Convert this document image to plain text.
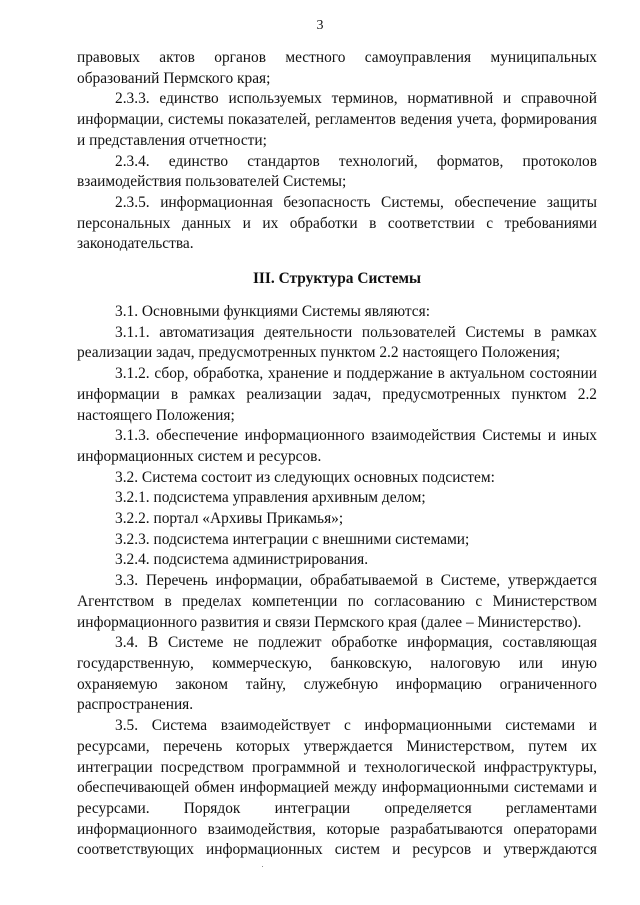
3

правовых актов органов местного самоуправления муниципальных образований Пермского края;

2.3.3. единство используемых терминов, нормативной и справочной информации, системы показателей, регламентов ведения учета, формирования и представления отчетности;

2.3.4. единство стандартов технологий, форматов, протоколов взаимодействия пользователей Системы;

2.3.5. информационная безопасность Системы, обеспечение защиты персональных данных и их обработки в соответствии с требованиями законодательства.

III. Структура Системы

3.1. Основными функциями Системы являются:

3.1.1. автоматизация деятельности пользователей Системы в рамках реализации задач, предусмотренных пунктом 2.2 настоящего Положения;

3.1.2. сбор, обработка, хранение и поддержание в актуальном состоянии информации в рамках реализации задач, предусмотренных пунктом 2.2 настоящего Положения;

3.1.3. обеспечение информационного взаимодействия Системы и иных информационных систем и ресурсов.

3.2. Система состоит из следующих основных подсистем:

3.2.1. подсистема управления архивным делом;

3.2.2. портал «Архивы Прикамья»;

3.2.3. подсистема интеграции с внешними системами;

3.2.4. подсистема администрирования.

3.3. Перечень информации, обрабатываемой в Системе, утверждается Агентством в пределах компетенции по согласованию с Министерством информационного развития и связи Пермского края (далее – Министерство).

3.4. В Системе не подлежит обработке информация, составляющая государственную, коммерческую, банковскую, налоговую или иную охраняемую законом тайну, служебную информацию ограниченного распространения.

3.5. Система взаимодействует с информационными системами и ресурсами, перечень которых утверждается Министерством, путем их интеграции посредством программной и технологической инфраструктуры, обеспечивающей обмен информацией между информационными системами и ресурсами. Порядок интеграции определяется регламентами информационного взаимодействия, которые разрабатываются операторами соответствующих информационных систем и ресурсов и утверждаются
